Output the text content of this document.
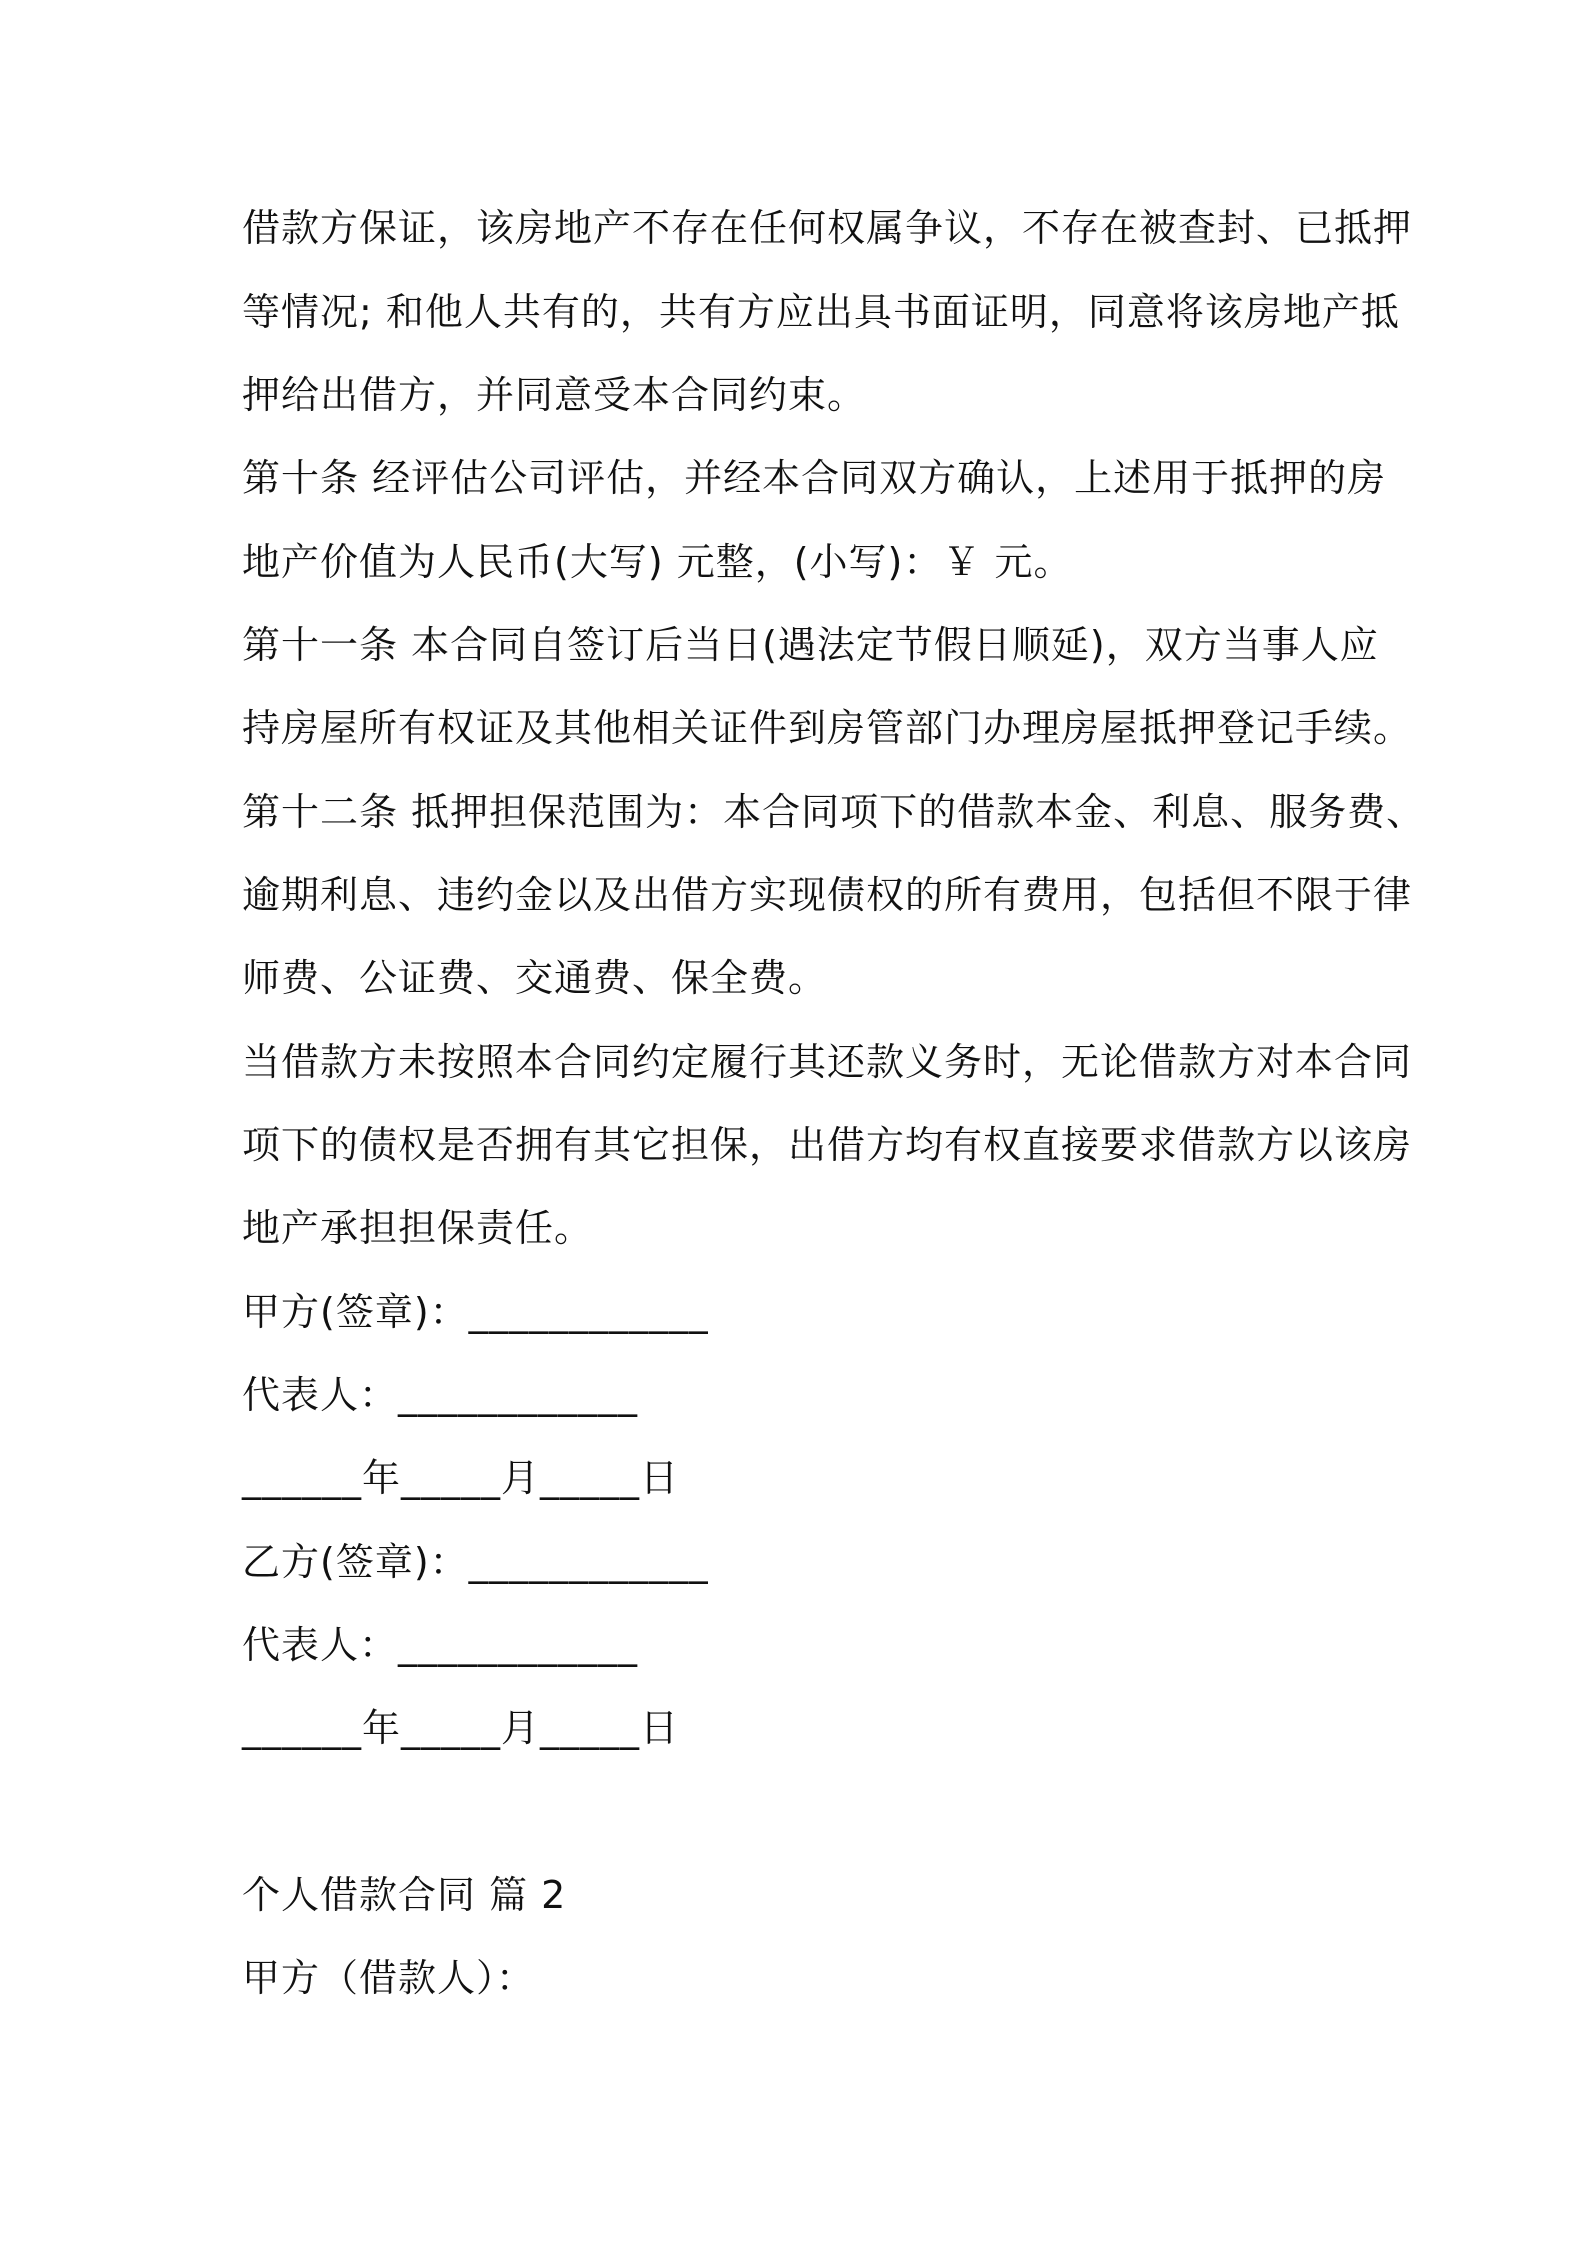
借款方保证，该房地产不存在任何权属争议，不存在被查封、已抵押
等情况; 和他人共有的，共有方应出具书面证明，同意将该房地产抵
押给出借方，并同意受本合同约束。
第十条 经评估公司评估，并经本合同双方确认，上述用于抵押的房
地产价值为人民币(大写) 元整，(小写)：￥ 元。
第十一条 本合同自签订后当日(遇法定节假日顺延)，双方当事人应
持房屋所有权证及其他相关证件到房管部门办理房屋抵押登记手续。
第十二条 抵押担保范围为：本合同项下的借款本金、利息、服务费、
逾期利息、违约金以及出借方实现债权的所有费用，包括但不限于律
师费、公证费、交通费、保全费。
当借款方未按照本合同约定履行其还款义务时，无论借款方对本合同
项下的债权是否拥有其它担保，出借方均有权直接要求借款方以该房
地产承担担保责任。
甲方(签章)：____________
代表人：____________
______年_____月_____日
乙方(签章)：____________
代表人：____________
______年_____月_____日
个人借款合同 篇 2
甲方（借款人）：
